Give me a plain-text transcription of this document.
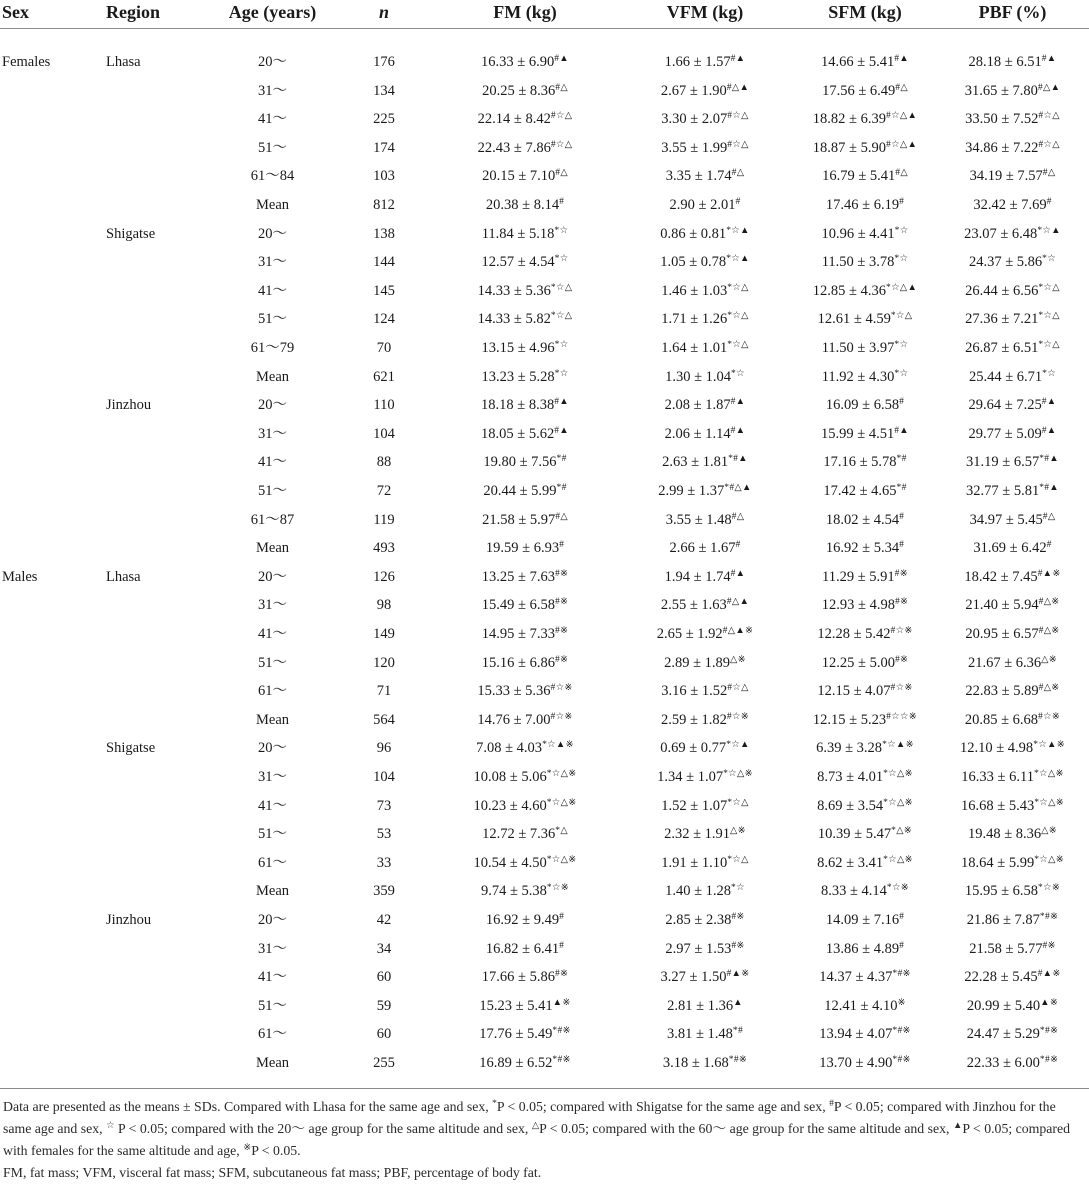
Sex	Region	Age (years)	n	FM (kg)	VFM (kg)	SFM (kg)	PBF (%)
Females	Lhasa	20～	176	16.33 ± 6.90#▲	1.66 ± 1.57#▲	14.66 ± 5.41#▲	28.18 ± 6.51#▲
31～	134	20.25 ± 8.36#△	2.67 ± 1.90#△▲	17.56 ± 6.49#△	31.65 ± 7.80#△▲
41～	225	22.14 ± 8.42#☆△	3.30 ± 2.07#☆△	18.82 ± 6.39#☆△▲	33.50 ± 7.52#☆△
51～	174	22.43 ± 7.86#☆△	3.55 ± 1.99#☆△	18.87 ± 5.90#☆△▲	34.86 ± 7.22#☆△
61～84	103	20.15 ± 7.10#△	3.35 ± 1.74#△	16.79 ± 5.41#△	34.19 ± 7.57#△
Mean	812	20.38 ± 8.14#	2.90 ± 2.01#	17.46 ± 6.19#	32.42 ± 7.69#
Shigatse	20～	138	11.84 ± 5.18*☆	0.86 ± 0.81*☆▲	10.96 ± 4.41*☆	23.07 ± 6.48*☆▲
31～	144	12.57 ± 4.54*☆	1.05 ± 0.78*☆▲	11.50 ± 3.78*☆	24.37 ± 5.86*☆
41～	145	14.33 ± 5.36*☆△	1.46 ± 1.03*☆△	12.85 ± 4.36*☆△▲	26.44 ± 6.56*☆△
51～	124	14.33 ± 5.82*☆△	1.71 ± 1.26*☆△	12.61 ± 4.59*☆△	27.36 ± 7.21*☆△
61～79	70	13.15 ± 4.96*☆	1.64 ± 1.01*☆△	11.50 ± 3.97*☆	26.87 ± 6.51*☆△
Mean	621	13.23 ± 5.28*☆	1.30 ± 1.04*☆	11.92 ± 4.30*☆	25.44 ± 6.71*☆
Jinzhou	20～	110	18.18 ± 8.38#▲	2.08 ± 1.87#▲	16.09 ± 6.58#	29.64 ± 7.25#▲
31～	104	18.05 ± 5.62#▲	2.06 ± 1.14#▲	15.99 ± 4.51#▲	29.77 ± 5.09#▲
41～	88	19.80 ± 7.56*#	2.63 ± 1.81*#▲	17.16 ± 5.78*#	31.19 ± 6.57*#▲
51～	72	20.44 ± 5.99*#	2.99 ± 1.37*#△▲	17.42 ± 4.65*#	32.77 ± 5.81*#▲
61～87	119	21.58 ± 5.97#△	3.55 ± 1.48#△	18.02 ± 4.54#	34.97 ± 5.45#△
Mean	493	19.59 ± 6.93#	2.66 ± 1.67#	16.92 ± 5.34#	31.69 ± 6.42#
Males	Lhasa	20～	126	13.25 ± 7.63#※	1.94 ± 1.74#▲	11.29 ± 5.91#※	18.42 ± 7.45#▲※
31～	98	15.49 ± 6.58#※	2.55 ± 1.63#△▲	12.93 ± 4.98#※	21.40 ± 5.94#△※
41～	149	14.95 ± 7.33#※	2.65 ± 1.92#△▲※	12.28 ± 5.42#☆※	20.95 ± 6.57#△※
51～	120	15.16 ± 6.86#※	2.89 ± 1.89△※	12.25 ± 5.00#※	21.67 ± 6.36△※
61～	71	15.33 ± 5.36#☆※	3.16 ± 1.52#☆△	12.15 ± 4.07#☆※	22.83 ± 5.89#△※
Mean	564	14.76 ± 7.00#☆※	2.59 ± 1.82#☆※	12.15 ± 5.23#☆☆※	20.85 ± 6.68#☆※
Shigatse	20～	96	7.08 ± 4.03*☆▲※	0.69 ± 0.77*☆▲	6.39 ± 3.28*☆▲※	12.10 ± 4.98*☆▲※
31～	104	10.08 ± 5.06*☆△※	1.34 ± 1.07*☆△※	8.73 ± 4.01*☆△※	16.33 ± 6.11*☆△※
41～	73	10.23 ± 4.60*☆△※	1.52 ± 1.07*☆△	8.69 ± 3.54*☆△※	16.68 ± 5.43*☆△※
51～	53	12.72 ± 7.36*△	2.32 ± 1.91△※	10.39 ± 5.47*△※	19.48 ± 8.36△※
61～	33	10.54 ± 4.50*☆△※	1.91 ± 1.10*☆△	8.62 ± 3.41*☆△※	18.64 ± 5.99*☆△※
Mean	359	9.74 ± 5.38*☆※	1.40 ± 1.28*☆	8.33 ± 4.14*☆※	15.95 ± 6.58*☆※
Jinzhou	20～	42	16.92 ± 9.49#	2.85 ± 2.38#※	14.09 ± 7.16#	21.86 ± 7.87*#※
31～	34	16.82 ± 6.41#	2.97 ± 1.53#※	13.86 ± 4.89#	21.58 ± 5.77#※
41～	60	17.66 ± 5.86#※	3.27 ± 1.50#▲※	14.37 ± 4.37*#※	22.28 ± 5.45#▲※
51～	59	15.23 ± 5.41▲※	2.81 ± 1.36▲	12.41 ± 4.10※	20.99 ± 5.40▲※
61～	60	17.76 ± 5.49*#※	3.81 ± 1.48*#	13.94 ± 4.07*#※	24.47 ± 5.29*#※
Mean	255	16.89 ± 6.52*#※	3.18 ± 1.68*#※	13.70 ± 4.90*#※	22.33 ± 6.00*#※

Data are presented as the means ± SDs. Compared with Lhasa for the same age and sex, *P < 0.05; compared with Shigatse for the same age and sex, #P < 0.05; compared with Jinzhou for the same age and sex, ☆ P < 0.05; compared with the 20～ age group for the same altitude and sex, △P < 0.05; compared with the 60～ age group for the same altitude and sex, ▲P < 0.05; compared with females for the same altitude and age, ※P < 0.05.

FM, fat mass; VFM, visceral fat mass; SFM, subcutaneous fat mass; PBF, percentage of body fat.
